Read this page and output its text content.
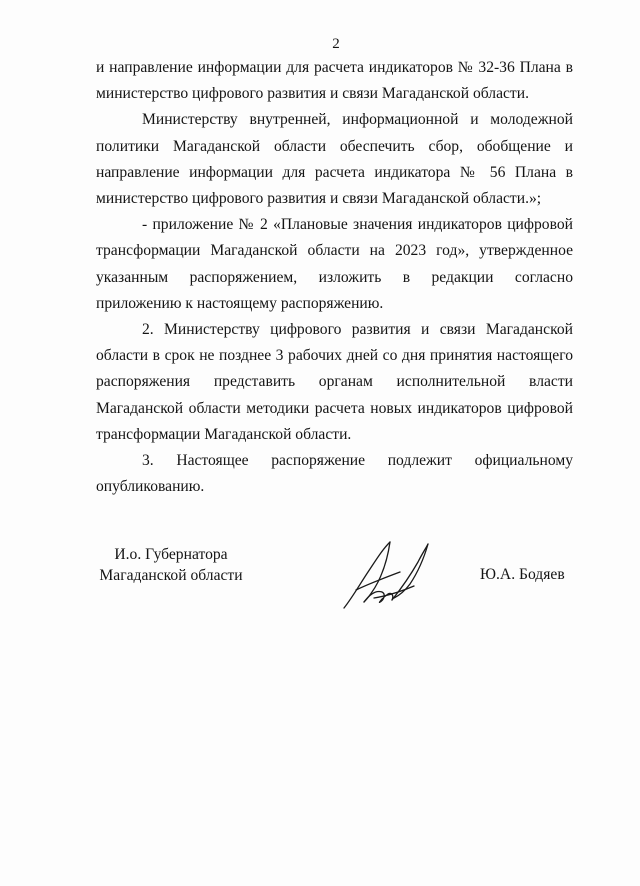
2

и направление информации для расчета индикаторов № 32-36 Плана в министерство цифрового развития и связи Магаданской области.

Министерству внутренней, информационной и молодежной политики Магаданской области обеспечить сбор, обобщение и направление информации для расчета индикатора № 56 Плана в министерство цифрового развития и связи Магаданской области.»;

- приложение № 2 «Плановые значения индикаторов цифровой трансформации Магаданской области на 2023 год», утвержденное указанным распоряжением, изложить в редакции согласно приложению к настоящему распоряжению.

2. Министерству цифрового развития и связи Магаданской области в срок не позднее 3 рабочих дней со дня принятия настоящего распоряжения представить органам исполнительной власти Магаданской области методики расчета новых индикаторов цифровой трансформации Магаданской области.

3. Настоящее распоряжение подлежит официальному опубликованию.

И.о. Губернатора
Магаданской области	Ю.А. Бодяев
